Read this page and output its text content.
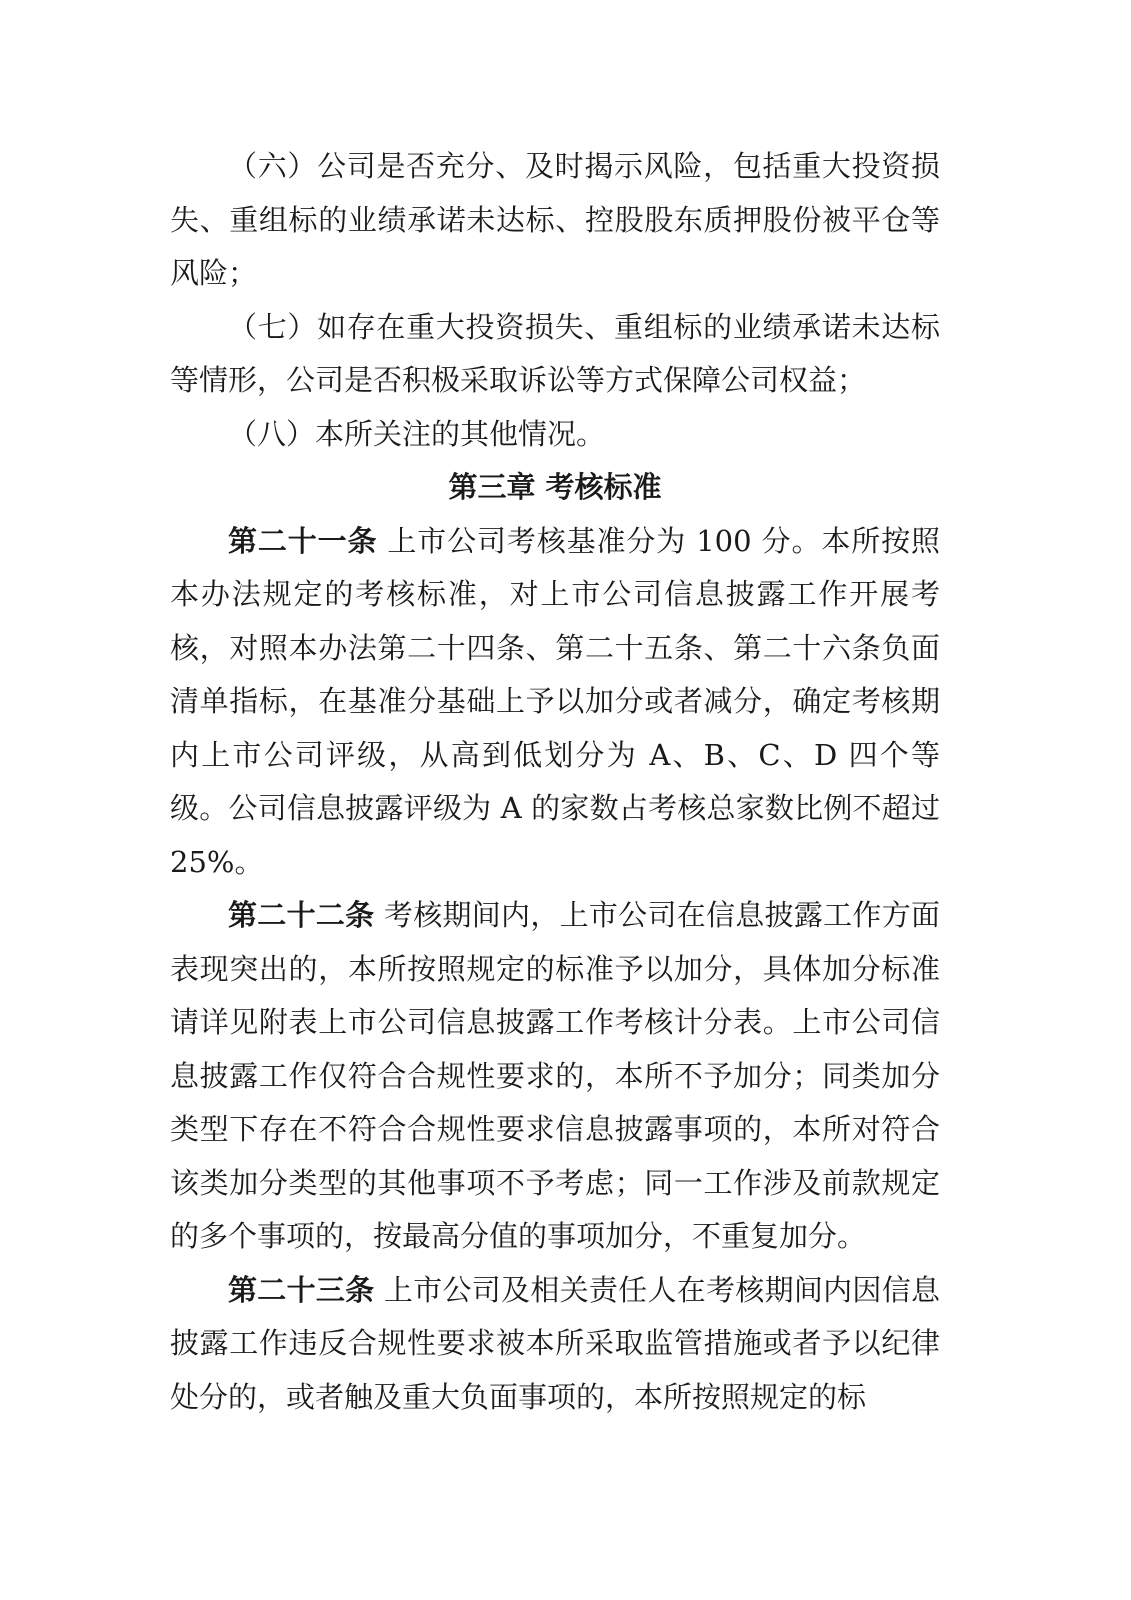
（六）公司是否充分、及时揭示风险，包括重大投资损失、重组标的业绩承诺未达标、控股股东质押股份被平仓等风险；

（七）如存在重大投资损失、重组标的业绩承诺未达标等情形，公司是否积极采取诉讼等方式保障公司权益；

（八）本所关注的其他情况。

第三章 考核标准

第二十一条 上市公司考核基准分为 100 分。本所按照本办法规定的考核标准，对上市公司信息披露工作开展考核，对照本办法第二十四条、第二十五条、第二十六条负面清单指标，在基准分基础上予以加分或者减分，确定考核期内上市公司评级，从高到低划分为 A、B、C、D 四个等级。公司信息披露评级为 A 的家数占考核总家数比例不超过25%。

第二十二条 考核期间内，上市公司在信息披露工作方面表现突出的，本所按照规定的标准予以加分，具体加分标准请详见附表上市公司信息披露工作考核计分表。上市公司信息披露工作仅符合合规性要求的，本所不予加分；同类加分类型下存在不符合合规性要求信息披露事项的，本所对符合该类加分类型的其他事项不予考虑；同一工作涉及前款规定的多个事项的，按最高分值的事项加分，不重复加分。

第二十三条 上市公司及相关责任人在考核期间内因信息披露工作违反合规性要求被本所采取监管措施或者予以纪律处分的，或者触及重大负面事项的，本所按照规定的标
